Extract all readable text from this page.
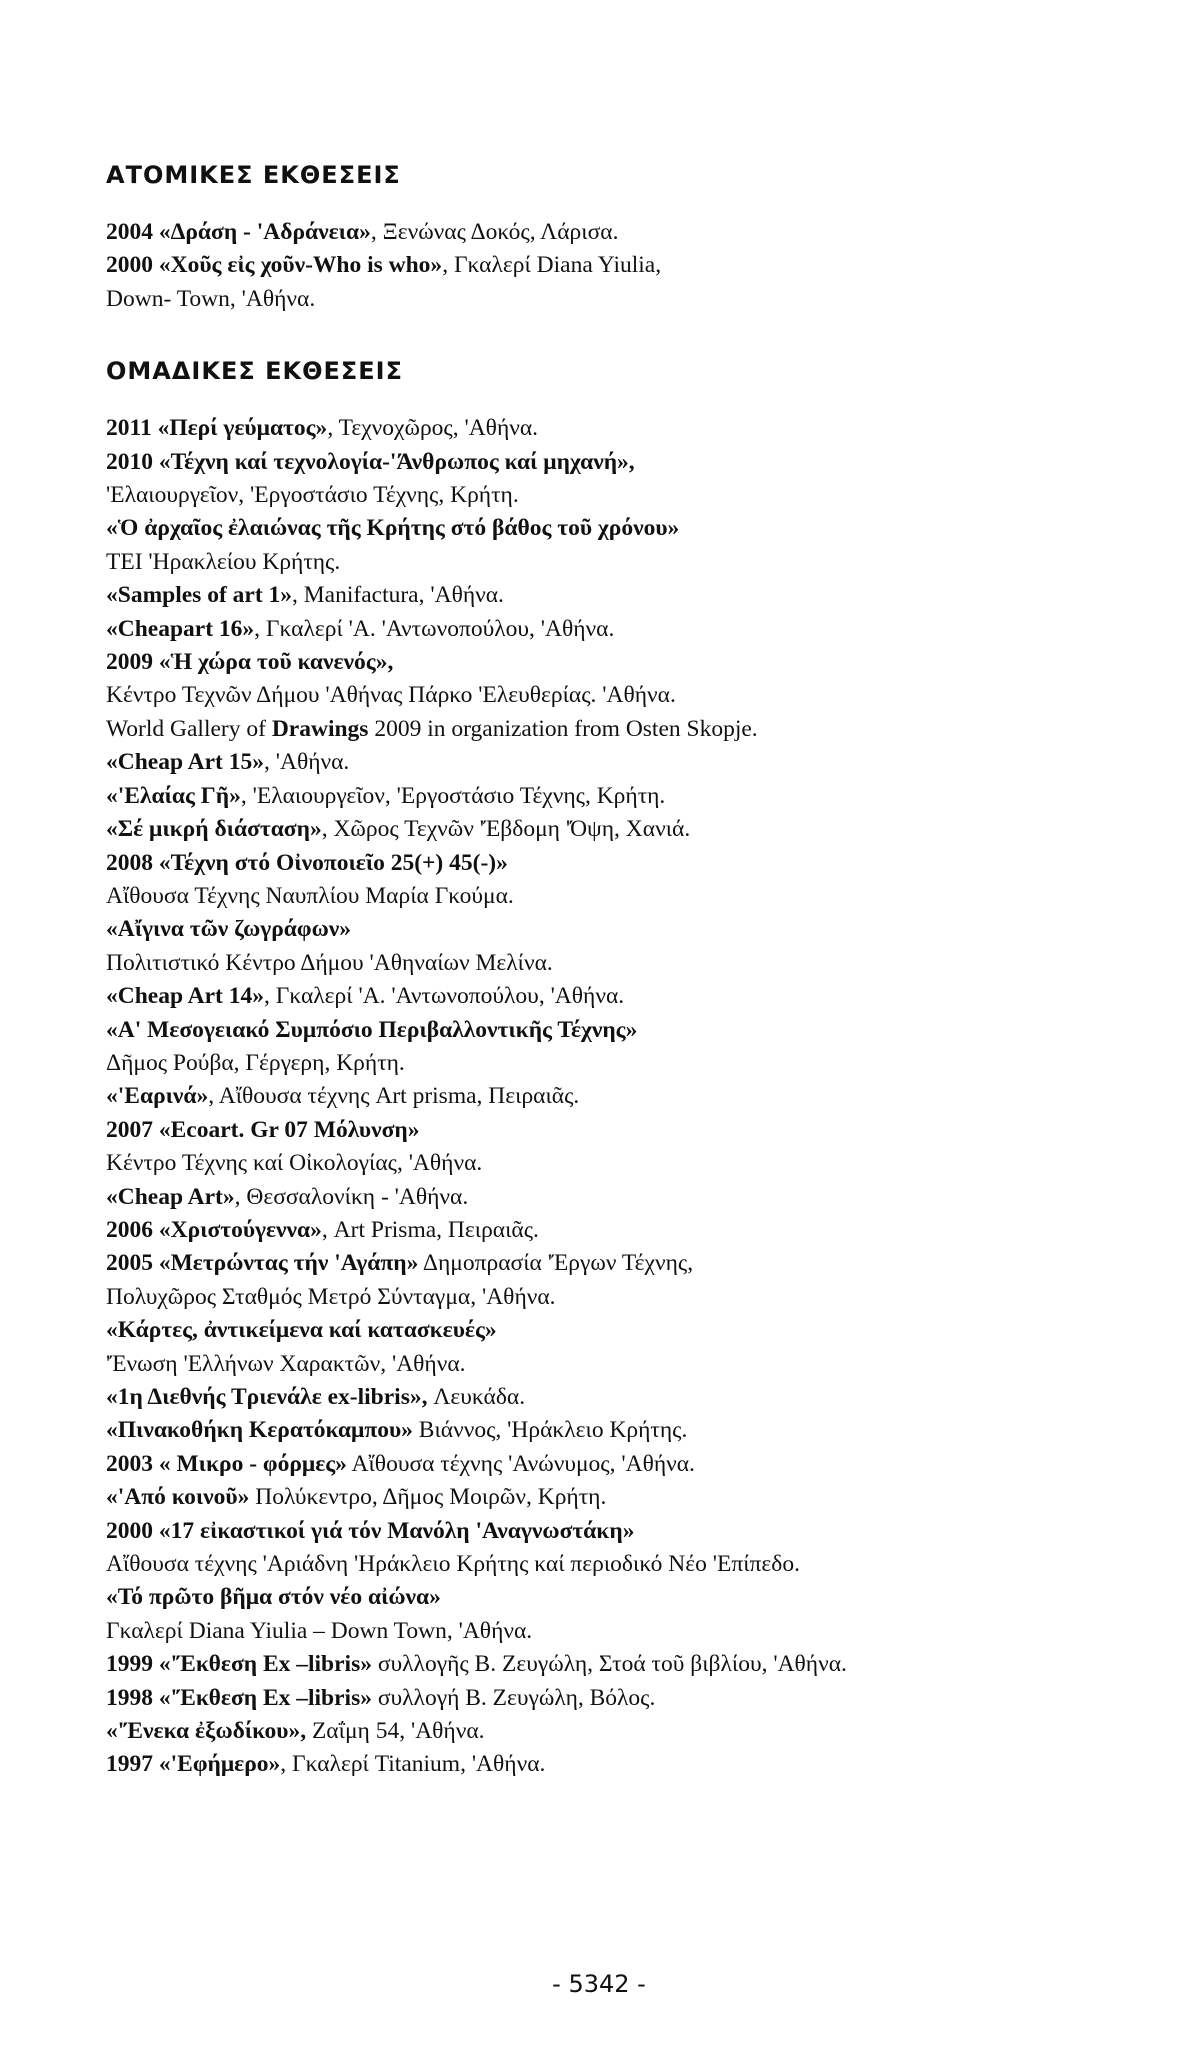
ΑΤΟΜΙΚΕΣ ΕΚΘΕΣΕΙΣ
2004 «Δράση - 'Αδράνεια», Ξενώνας Δοκός, Λάρισα.
2000 «Χοῦς εἰς χοῦν-Who is who», Γκαλερί Diana Yiulia,
Down- Town, 'Αθήνα.
ΟΜΑΔΙΚΕΣ ΕΚΘΕΣΕΙΣ
2011 «Περί γεύματος», Τεχνοχῶρος, 'Αθήνα.
2010 «Τέχνη καί τεχνολογία-'Άνθρωπος καί μηχανή»,
'Ελαιουργεῖον, 'Εργοστάσιο Τέχνης, Κρήτη.
«Ὁ ἀρχαῖος ἐλαιώνας τῆς Κρήτης στό βάθος τοῦ χρόνου»
ΤΕΙ 'Ηρακλείου Κρήτης.
«Samples of art 1», Manifactura, 'Αθήνα.
«Cheapart 16», Γκαλερί 'Α. 'Αντωνοπούλου, 'Αθήνα.
2009 «Ἡ χώρα τοῦ κανενός»,
Κέντρο Τεχνῶν Δήμου 'Αθήνας Πάρκο 'Ελευθερίας. 'Αθήνα.
World Gallery of Drawings 2009 in organization from Osten Skopje.
«Cheap Art 15», 'Αθήνα.
«'Ελαίας Γῆ», 'Ελαιουργεῖον, 'Εργοστάσιο Τέχνης, Κρήτη.
«Σέ μικρή διάσταση», Χῶρος Τεχνῶν 'Έβδομη 'Όψη, Χανιά.
2008 «Τέχνη στό Οἰνοποιεῖο 25(+) 45(-)»
Αἴθουσα Τέχνης Ναυπλίου Μαρία Γκούμα.
«Αἴγινα τῶν ζωγράφων»
Πολιτιστικό Κέντρο Δήμου 'Αθηναίων Μελίνα.
«Cheap Art 14», Γκαλερί 'Α. 'Αντωνοπούλου, 'Αθήνα.
«Α' Μεσογειακό Συμπόσιο Περιβαλλοντικῆς Τέχνης»
Δῆμος Ρούβα, Γέργερη, Κρήτη.
«'Εαρινά», Αἴθουσα τέχνης Art prisma, Πειραιᾶς.
2007 «Ecoart. Gr 07 Μόλυνση»
Κέντρο Τέχνης καί Οἰκολογίας, 'Αθήνα.
«Cheap Art», Θεσσαλονίκη - 'Αθήνα.
2006 «Χριστούγεννα», Art Prisma, Πειραιᾶς.
2005 «Μετρώντας τήν 'Αγάπη» Δημοπρασία 'Έργων Τέχνης,
Πολυχῶρος Σταθμός Μετρό Σύνταγμα, 'Αθήνα.
«Κάρτες, ἀντικείμενα καί κατασκευές»
'Ένωση 'Ελλήνων Χαρακτῶν, 'Αθήνα.
«1η Διεθνής Τριενάλε ex-libris», Λευκάδα.
«Πινακοθήκη Κερατόκαμπου» Βιάννος, 'Ηράκλειο Κρήτης.
2003 « Μικρο - φόρμες» Αἴθουσα τέχνης 'Ανώνυμος, 'Αθήνα.
«'Από κοινοῦ» Πολύκεντρο, Δῆμος Μοιρῶν, Κρήτη.
2000 «17 εἰκαστικοί γιά τόν Μανόλη 'Αναγνωστάκη»
Αἴθουσα τέχνης 'Αριάδνη 'Ηράκλειο Κρήτης καί περιοδικό Νέο 'Επίπεδο.
«Τό πρῶτο βῆμα στόν νέο αἰώνα»
Γκαλερί Diana Yiulia – Down Town, 'Αθήνα.
1999 «'Έκθεση Ex –libris» συλλογῆς Β. Ζευγώλη, Στοά τοῦ βιβλίου, 'Αθήνα.
1998 «'Έκθεση Ex –libris» συλλογή Β. Ζευγώλη, Βόλος.
«'Ένεκα ἐξωδίκου», Ζαΐμη 54, 'Αθήνα.
1997 «'Εφήμερο», Γκαλερί Titanium, 'Αθήνα.
- 5342 -
